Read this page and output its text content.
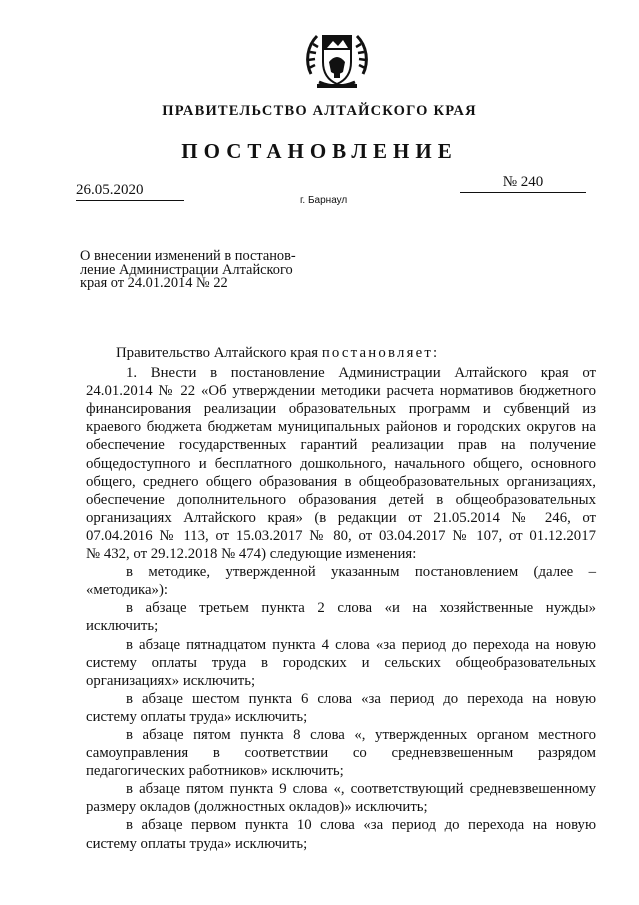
ПРАВИТЕЛЬСТВО АЛТАЙСКОГО КРАЯ
ПОСТАНОВЛЕНИЕ
26.05.2020	№ 240
г. Барнаул
О внесении изменений в постанов-
ление Администрации Алтайского
края от 24.01.2014 № 22
Правительство Алтайского края постановляет:
1. Внести в постановление Администрации Алтайского края от
24.01.2014 № 22 «Об утверждении методики расчета нормативов бюджетного
финансирования реализации образовательных программ и субвенций из
краевого бюджета бюджетам муниципальных районов и городских округов на
обеспечение государственных гарантий реализации прав на получение
общедоступного и бесплатного дошкольного, начального общего, основного
общего, среднего общего образования в общеобразовательных организациях,
обеспечение дополнительного образования детей в общеобразовательных
организациях Алтайского края» (в редакции от 21.05.2014 № 246, от
07.04.2016 № 113, от 15.03.2017 № 80, от 03.04.2017 № 107, от 01.12.2017
№ 432, от 29.12.2018 № 474) следующие изменения:
в методике, утвержденной указанным постановлением (далее –
«методика»):
в абзаце третьем пункта 2 слова «и на хозяйственные нужды»
исключить;
в абзаце пятнадцатом пункта 4 слова «за период до перехода на новую
систему оплаты труда в городских и сельских общеобразовательных
организациях» исключить;
в абзаце шестом пункта 6 слова «за период до перехода на новую
систему оплаты труда» исключить;
в абзаце пятом пункта 8 слова «, утвержденных органом местного
самоуправления в соответствии со средневзвешенным разрядом
педагогических работников» исключить;
в абзаце пятом пункта 9 слова «, соответствующий средневзвешенному
размеру окладов (должностных окладов)» исключить;
в абзаце первом пункта 10 слова «за период до перехода на новую
систему оплаты труда» исключить;
